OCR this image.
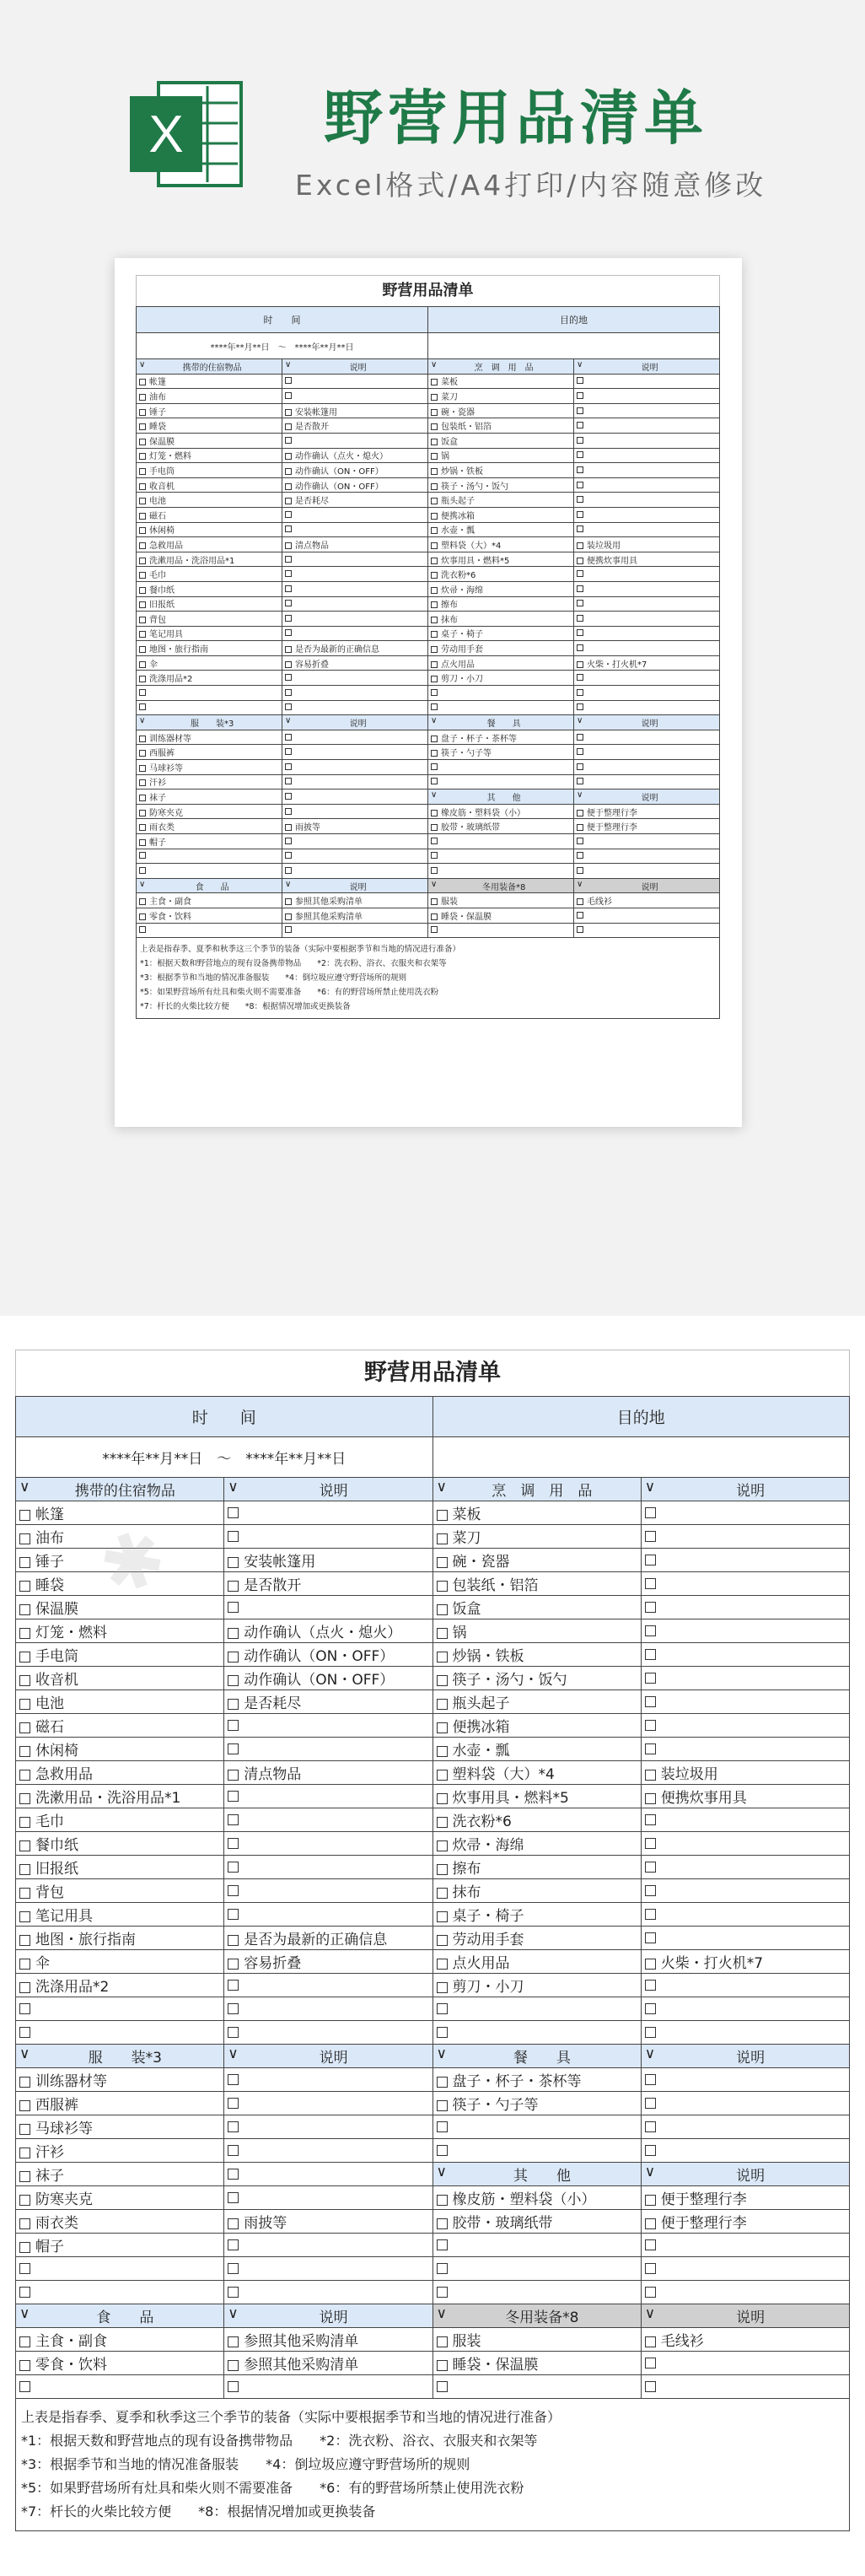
X 野营用品清单
Excel格式/A4打印/内容随意修改
野营用品清单
时　　间		目的地	
****年**月**日　～　****年**月**日			

∨ 携带的住宿物品	∨ 说明	∨ 烹　调　用　品	∨ 说明
帐篷		菜板	
油布		菜刀	
锤子	安装帐篷用	碗・瓷器	
睡袋	是否散开	包装纸・铝箔	
保温膜		饭盒	
灯笼・燃料	动作确认（点火・熄火）	锅	
手电筒	动作确认（ON・OFF）	炒锅・铁板	
收音机	动作确认（ON・OFF）	筷子・汤勺・饭勺	
电池	是否耗尽	瓶头起子	
磁石		便携冰箱	
休闲椅		水壶・瓢	
急救用品	清点物品	塑料袋（大）*4	装垃圾用
洗漱用品・洗浴用品*1		炊事用具・燃料*5	便携炊事用具
毛巾		洗衣粉*6	
餐巾纸		炊帚・海绵	
旧报纸		擦布	
背包		抹布	
笔记用具		桌子・椅子	
地图・旅行指南	是否为最新的正确信息	劳动用手套	
伞	容易折叠	点火用品	火柴・打火机*7
洗涤用品*2		剪刀・小刀	

∨ 服　　装*3	∨ 说明	∨ 餐　　具	∨ 说明
训练器材等		盘子・杯子・茶杯等	
西服裤		筷子・勺子等	
马球衫等			
汗衫			
袜子		∨ 其　　他	∨ 说明
防寒夹克		橡皮筋・塑料袋（小）	便于整理行李
雨衣类	雨披等	胶带・玻璃纸带	便于整理行李
帽子			

∨ 食　　品	∨ 说明	∨ 冬用装备*8	∨ 说明
主食・副食	参照其他采购清单	服装	毛线衫
零食・饮料	参照其他采购清单	睡袋・保温膜	

上表是指春季、夏季和秋季这三个季节的装备（实际中要根据季节和当地的情况进行准备）
*1：根据天数和野营地点的现有设备携带物品　　*2：洗衣粉、浴衣、衣服夹和衣架等
*3：根据季节和当地的情况准备服装　　*4：倒垃圾应遵守野营场所的规则
*5：如果野营场所有灶具和柴火则不需要准备　　*6：有的野营场所禁止使用洗衣粉
*7：杆长的火柴比较方便　　*8：根据情况增加或更换装备
野营用品清单
时　　间		目的地	
****年**月**日　～　****年**月**日			

∨ 携带的住宿物品	∨ 说明	∨ 烹　调　用　品	∨ 说明
帐篷		菜板	
油布		菜刀	
锤子	安装帐篷用	碗・瓷器	
睡袋	是否散开	包装纸・铝箔	
保温膜		饭盒	
灯笼・燃料	动作确认（点火・熄火）	锅	
手电筒	动作确认（ON・OFF）	炒锅・铁板	
收音机	动作确认（ON・OFF）	筷子・汤勺・饭勺	
电池	是否耗尽	瓶头起子	
磁石		便携冰箱	
休闲椅		水壶・瓢	
急救用品	清点物品	塑料袋（大）*4	装垃圾用
洗漱用品・洗浴用品*1		炊事用具・燃料*5	便携炊事用具
毛巾		洗衣粉*6	
餐巾纸		炊帚・海绵	
旧报纸		擦布	
背包		抹布	
笔记用具		桌子・椅子	
地图・旅行指南	是否为最新的正确信息	劳动用手套	
伞	容易折叠	点火用品	火柴・打火机*7
洗涤用品*2		剪刀・小刀	

∨ 服　　装*3	∨ 说明	∨ 餐　　具	∨ 说明
训练器材等		盘子・杯子・茶杯等	
西服裤		筷子・勺子等	
马球衫等			
汗衫			
袜子		∨ 其　　他	∨ 说明
防寒夹克		橡皮筋・塑料袋（小）	便于整理行李
雨衣类	雨披等	胶带・玻璃纸带	便于整理行李
帽子			

∨ 食　　品	∨ 说明	∨ 冬用装备*8	∨ 说明
主食・副食	参照其他采购清单	服装	毛线衫
零食・饮料	参照其他采购清单	睡袋・保温膜	

上表是指春季、夏季和秋季这三个季节的装备（实际中要根据季节和当地的情况进行准备）
*1：根据天数和野营地点的现有设备携带物品　　*2：洗衣粉、浴衣、衣服夹和衣架等
*3：根据季节和当地的情况准备服装　　*4：倒垃圾应遵守野营场所的规则
*5：如果野营场所有灶具和柴火则不需要准备　　*6：有的野营场所禁止使用洗衣粉
*7：杆长的火柴比较方便　　*8：根据情况增加或更换装备
✱
